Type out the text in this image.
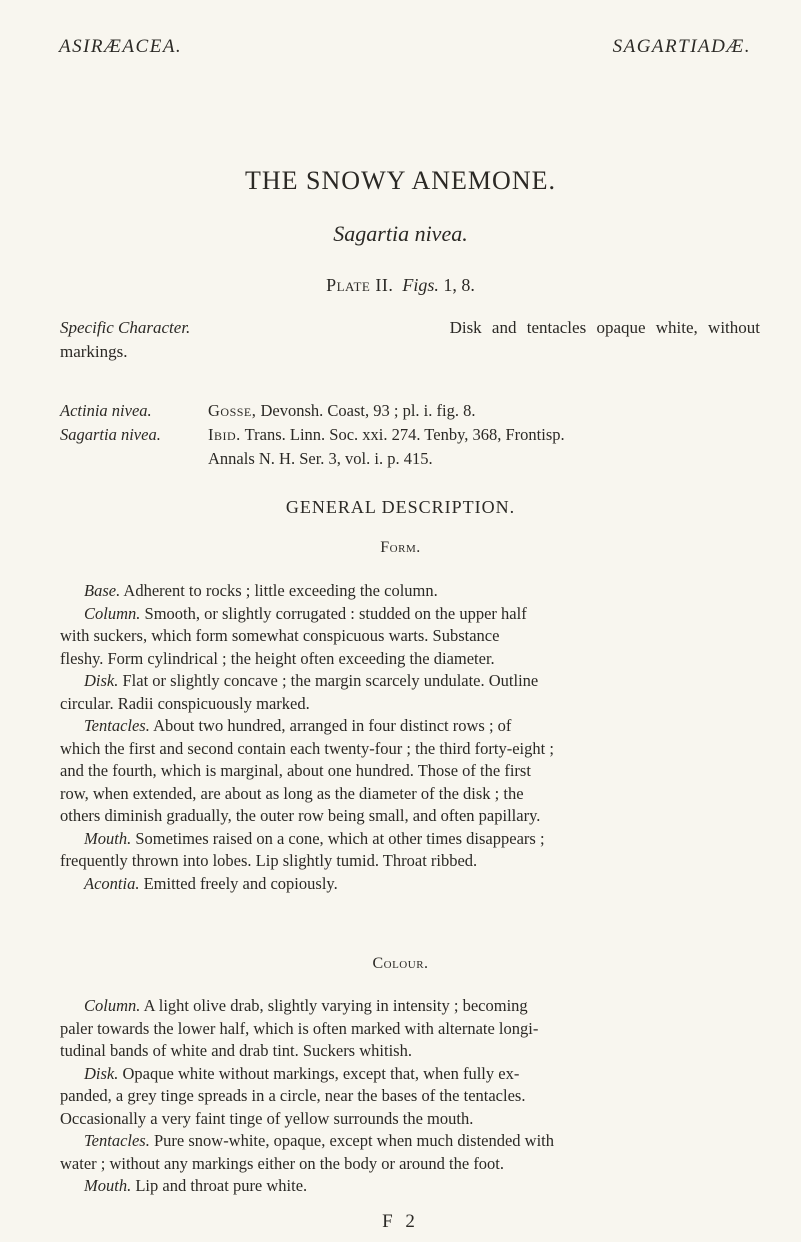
ASIRÆACEA.	SAGARTIADÆ.
THE SNOWY ANEMONE.
Sagartia nivea.
Plate II. Figs. 1, 8.
Specific Character.	Disk and tentacles opaque white, without
markings.
Actinia nivea.	Gosse, Devonsh. Coast, 93 ; pl. i. fig. 8.
Sagartia nivea.	Ibid. Trans. Linn. Soc. xxi. 274. Tenby, 368, Frontisp.
Annals N. H. Ser. 3, vol. i. p. 415.
GENERAL DESCRIPTION.
Form.

Base. Adherent to rocks ; little exceeding the column.

Column. Smooth, or slightly corrugated : studded on the upper half

with suckers, which form somewhat conspicuous warts. Substance

fleshy. Form cylindrical ; the height often exceeding the diameter.

Disk. Flat or slightly concave ; the margin scarcely undulate. Outline

circular. Radii conspicuously marked.

Tentacles. About two hundred, arranged in four distinct rows ; of

which the first and second contain each twenty-four ; the third forty-eight ;

and the fourth, which is marginal, about one hundred. Those of the first

row, when extended, are about as long as the diameter of the disk ; the

others diminish gradually, the outer row being small, and often papillary.

Mouth. Sometimes raised on a cone, which at other times disappears ;

frequently thrown into lobes. Lip slightly tumid. Throat ribbed.

Acontia. Emitted freely and copiously.

Colour.

Column. A light olive drab, slightly varying in intensity ; becoming

paler towards the lower half, which is often marked with alternate longi-

tudinal bands of white and drab tint. Suckers whitish.

Disk. Opaque white without markings, except that, when fully ex-

panded, a grey tinge spreads in a circle, near the bases of the tentacles.

Occasionally a very faint tinge of yellow surrounds the mouth.

Tentacles. Pure snow-white, opaque, except when much distended with

water ; without any markings either on the body or around the foot.

Mouth. Lip and throat pure white.

F 2
